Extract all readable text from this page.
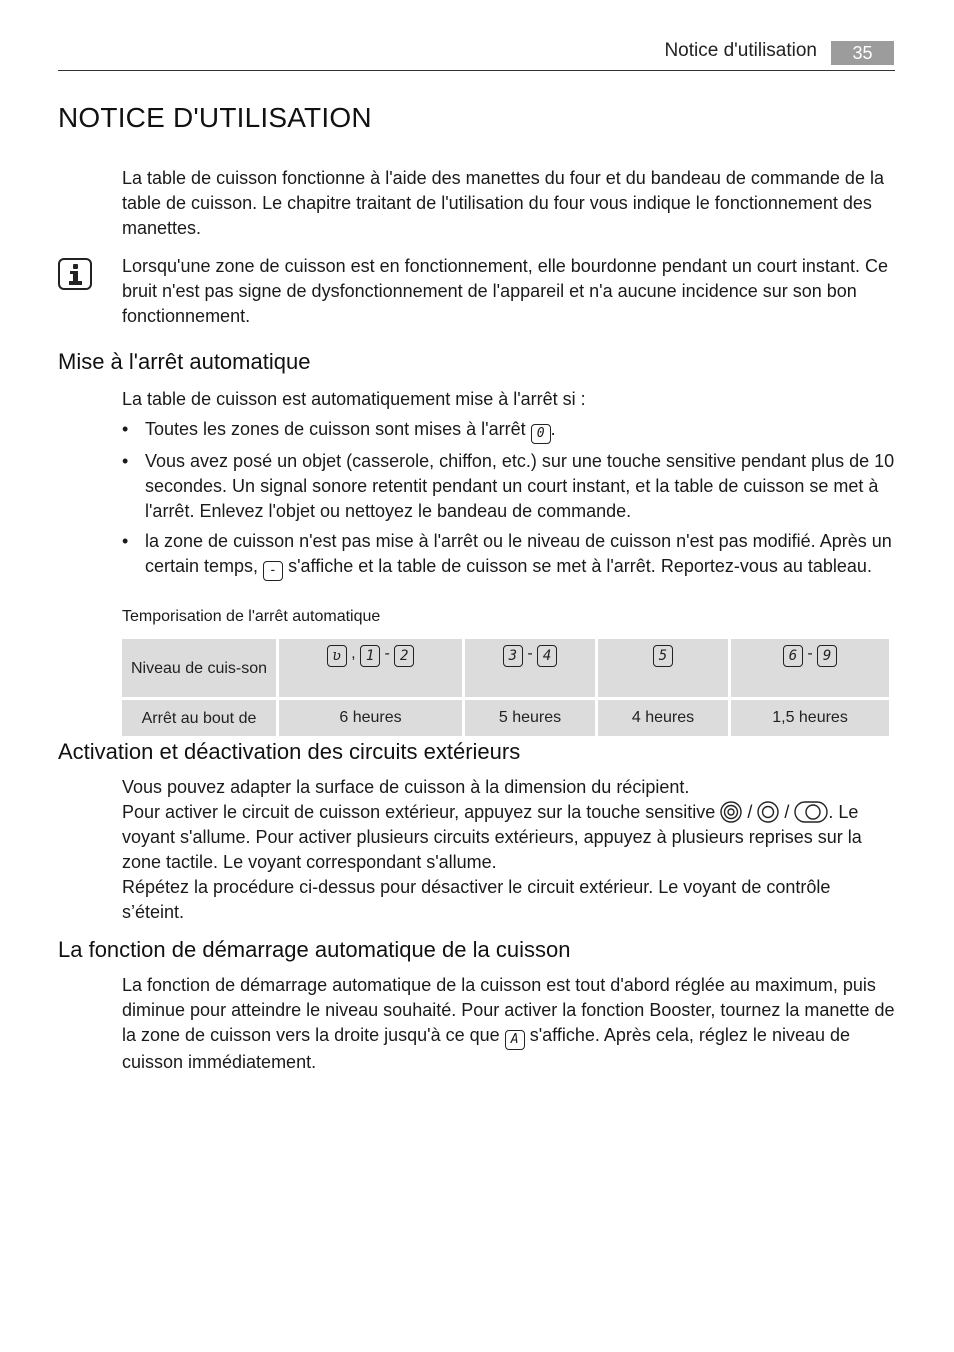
Notice d'utilisation	35
NOTICE D'UTILISATION

La table de cuisson fonctionne à l'aide des manettes du four et du bandeau de commande de la table de cuisson. Le chapitre traitant de l'utilisation du four vous indique le fonctionnement des manettes.

Lorsqu'une zone de cuisson est en fonctionnement, elle bourdonne pendant un court instant. Ce bruit n'est pas signe de dysfonctionnement de l'appareil et n'a aucune incidence sur son bon fonctionnement.

Mise à l'arrêt automatique

La table de cuisson est automatiquement mise à l'arrêt si :

• Toutes les zones de cuisson sont mises à l'arrêt 0 .
• Vous avez posé un objet (casserole, chiffon, etc.) sur une touche sensitive pendant plus de 10 secondes. Un signal sonore retentit pendant un court instant, et la table de cuisson se met à l'arrêt. Enlevez l'objet ou nettoyez le bandeau de commande.
• la zone de cuisson n'est pas mise à l'arrêt ou le niveau de cuisson n'est pas modifié. Après un certain temps, - s'affiche et la table de cuisson se met à l'arrêt. Reportez-vous au tableau.
Temporisation de l'arrêt automatique
Niveau de cuis-son	ʋ , 1 - 2	3 - 4	5	6 - 9
Arrêt au bout de	6 heures	5 heures	4 heures	1,5 heures
Activation et déactivation des circuits extérieurs

Vous pouvez adapter la surface de cuisson à la dimension du récipient.

Pour activer le circuit de cuisson extérieur, appuyez sur la touche sensitive / / . Le voyant s'allume. Pour activer plusieurs circuits extérieurs, appuyez à plusieurs reprises sur la zone tactile. Le voyant correspondant s'allume.

Répétez la procédure ci-dessus pour désactiver le circuit extérieur. Le voyant de contrôle s’éteint.

La fonction de démarrage automatique de la cuisson

La fonction de démarrage automatique de la cuisson est tout d'abord réglée au maximum, puis diminue pour atteindre le niveau souhaité. Pour activer la fonction Booster, tournez la manette de la zone de cuisson vers la droite jusqu'à ce que A s'affiche. Après cela, réglez le niveau de cuisson immédiatement.
